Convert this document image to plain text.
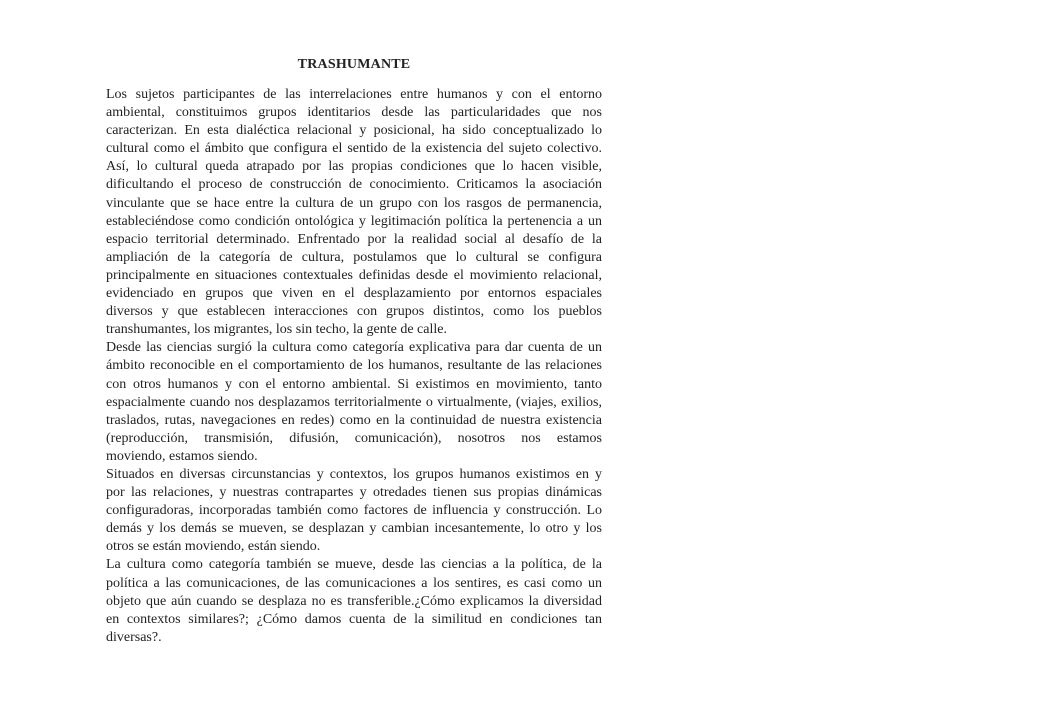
TRASHUMANTE
Los sujetos participantes de las interrelaciones entre humanos y con el entorno
ambiental, constituimos grupos identitarios desde las particularidades que nos
caracterizan. En esta dialéctica relacional y posicional, ha sido conceptualizado lo
cultural como el ámbito que configura el sentido de la existencia del sujeto colectivo.
Así, lo cultural queda atrapado por las propias condiciones que lo hacen visible,
dificultando el proceso de construcción de conocimiento. Criticamos la asociación
vinculante que se hace entre la cultura de un grupo con los rasgos de permanencia,
estableciéndose como condición ontológica y legitimación política la pertenencia a un
espacio territorial determinado. Enfrentado por la realidad social al desafío de la
ampliación de la categoría de cultura, postulamos que lo cultural se configura
principalmente en situaciones contextuales definidas desde el movimiento relacional,
evidenciado en grupos que viven en el desplazamiento por entornos espaciales
diversos y que establecen interacciones con grupos distintos, como los pueblos
transhumantes, los migrantes, los sin techo, la gente de calle.
Desde las ciencias surgió la cultura como categoría explicativa para dar cuenta de un
ámbito reconocible en el comportamiento de los humanos, resultante de las relaciones
con otros humanos y con el entorno ambiental. Si existimos en movimiento, tanto
espacialmente cuando nos desplazamos territorialmente o virtualmente, (viajes, exilios,
traslados, rutas, navegaciones en redes) como en la continuidad de nuestra existencia
(reproducción, transmisión, difusión, comunicación), nosotros nos estamos
moviendo, estamos siendo.
Situados en diversas circunstancias y contextos, los grupos humanos existimos en y
por las relaciones, y nuestras contrapartes y otredades tienen sus propias dinámicas
configuradoras, incorporadas también como factores de influencia y construcción. Lo
demás y los demás se mueven, se desplazan y cambian incesantemente, lo otro y los
otros se están moviendo, están siendo.
La cultura como categoría también se mueve, desde las ciencias a la política, de la
política a las comunicaciones, de las comunicaciones a los sentires, es casi como un
objeto que aún cuando se desplaza no es transferible.¿Cómo explicamos la diversidad
en contextos similares?; ¿Cómo damos cuenta de la similitud en condiciones tan
diversas?.
